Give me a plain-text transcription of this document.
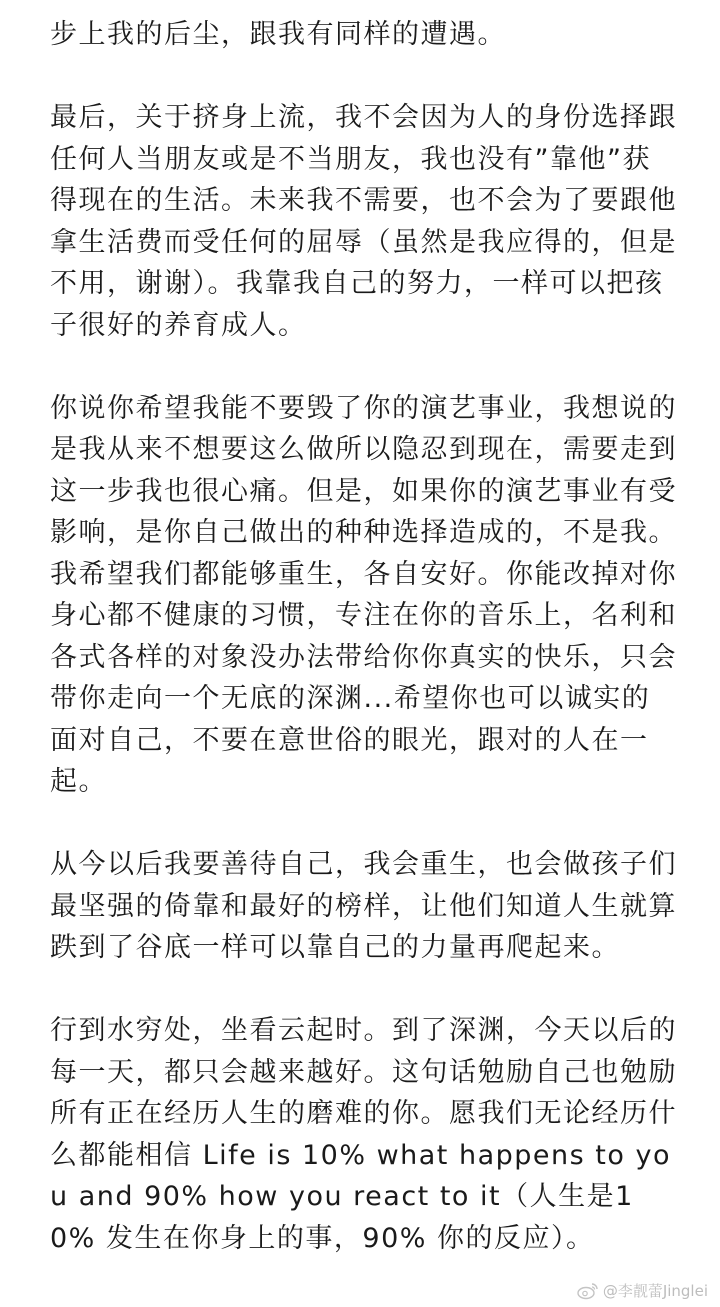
步上我的后尘，跟我有同样的遭遇。

最后，关于挤身上流，我不会因为人的身份选择跟任何人当朋友或是不当朋友，我也没有”靠他”获得现在的生活。未来我不需要，也不会为了要跟他拿生活费而受任何的屈辱（虽然是我应得的，但是不用，谢谢）。我靠我自己的努力，一样可以把孩子很好的养育成人。

你说你希望我能不要毁了你的演艺事业，我想说的是我从来不想要这么做所以隐忍到现在，需要走到这一步我也很心痛。但是，如果你的演艺事业有受影响，是你自己做出的种种选择造成的，不是我。我希望我们都能够重生，各自安好。你能改掉对你身心都不健康的习惯，专注在你的音乐上，名利和各式各样的对象没办法带给你你真实的快乐，只会带你走向一个无底的深渊...希望你也可以诚实的面对自己，不要在意世俗的眼光，跟对的人在一起。

从今以后我要善待自己，我会重生，也会做孩子们最坚强的倚靠和最好的榜样，让他们知道人生就算跌到了谷底一样可以靠自己的力量再爬起来。

行到水穷处，坐看云起时。到了深渊，今天以后的每一天，都只会越来越好。这句话勉励自己也勉励所有正在经历人生的磨难的你。愿我们无论经历什么都能相信 Life is 10% what happens to you and 90% how you react to it（人生是10% 发生在你身上的事，90% 你的反应）。

@李靓蕾Jinglei
